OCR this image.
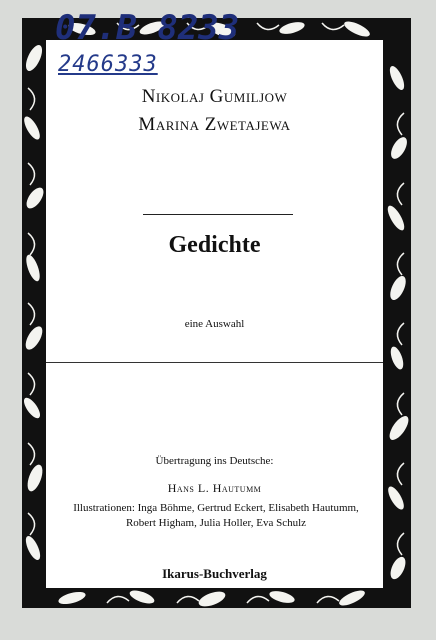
07.B 8233
2466333
Nikolaj Gumiljow
Marina Zwetajewa
Gedichte
eine Auswahl
Übertragung ins Deutsche:
Hans L. Hautumm
Illustrationen: Inga Böhme, Gertrud Eckert, Elisabeth Hautumm, Robert Higham, Julia Holler, Eva Schulz
Ikarus-Buchverlag
